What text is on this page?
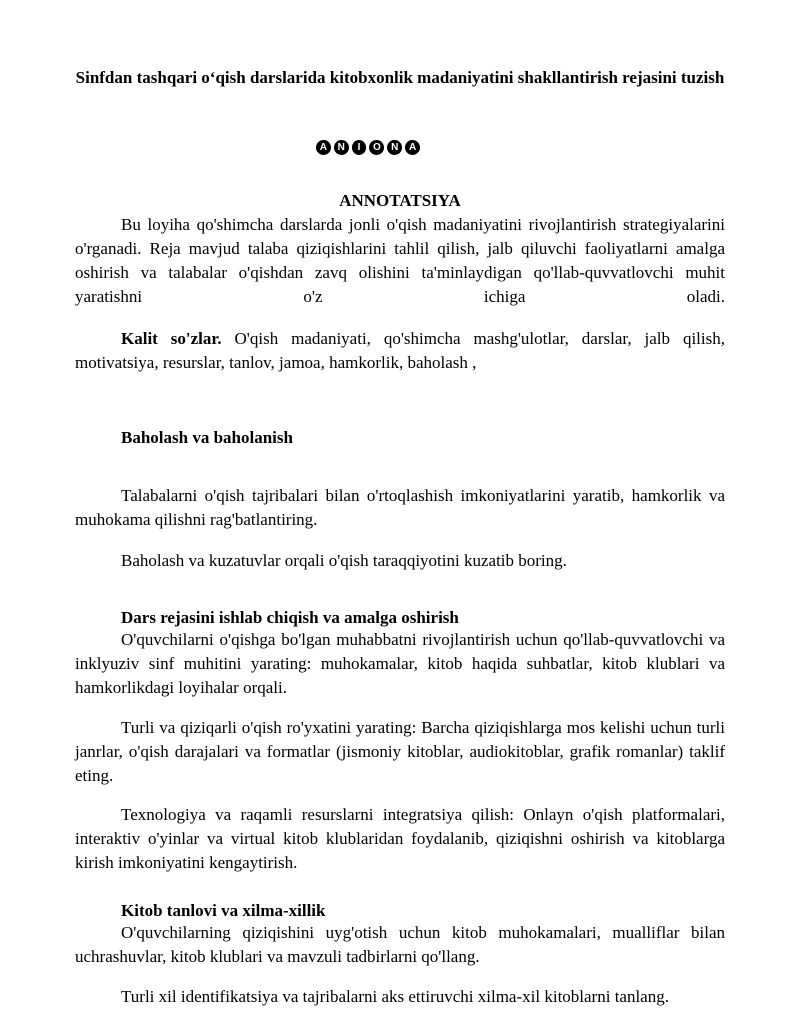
Sinfdan tashqari o‘qish darslarida kitobxonlik madaniyatini shakllantirish rejasini tuzish
A	N	I	O	N	A
ANNOTATSIYA

Bu loyiha qo'shimcha darslarda jonli o'qish madaniyatini rivojlantirish strategiyalarini o'rganadi. Reja mavjud talaba qiziqishlarini tahlil qilish, jalb qiluvchi faoliyatlarni amalga oshirish va talabalar o'qishdan zavq olishini ta'minlaydigan qo'llab-quvvatlovchi muhit yaratishni o'z ichiga oladi.

Kalit so'zlar. O'qish madaniyati, qo'shimcha mashg'ulotlar, darslar, jalb qilish, motivatsiya, resurslar, tanlov, jamoa, hamkorlik, baholash ,

Baholash va baholanish

Talabalarni o'qish tajribalari bilan o'rtoqlashish imkoniyatlarini yaratib, hamkorlik va muhokama qilishni rag'batlantiring.

Baholash va kuzatuvlar orqali o'qish taraqqiyotini kuzatib boring.

Dars rejasini ishlab chiqish va amalga oshirish

O'quvchilarni o'qishga bo'lgan muhabbatni rivojlantirish uchun qo'llab-quvvatlovchi va inklyuziv sinf muhitini yarating: muhokamalar, kitob haqida suhbatlar, kitob klublari va hamkorlikdagi loyihalar orqali.

Turli va qiziqarli o'qish ro'yxatini yarating: Barcha qiziqishlarga mos kelishi uchun turli janrlar, o'qish darajalari va formatlar (jismoniy kitoblar, audiokitoblar, grafik romanlar) taklif eting.

Texnologiya va raqamli resurslarni integratsiya qilish: Onlayn o'qish platformalari, interaktiv o'yinlar va virtual kitob klublaridan foydalanib, qiziqishni oshirish va kitoblarga kirish imkoniyatini kengaytirish.

Kitob tanlovi va xilma-xillik

O'quvchilarning qiziqishini uyg'otish uchun kitob muhokamalari, mualliflar bilan uchrashuvlar, kitob klublari va mavzuli tadbirlarni qo'llang.

Turli xil identifikatsiya va tajribalarni aks ettiruvchi xilma-xil kitoblarni tanlang.
